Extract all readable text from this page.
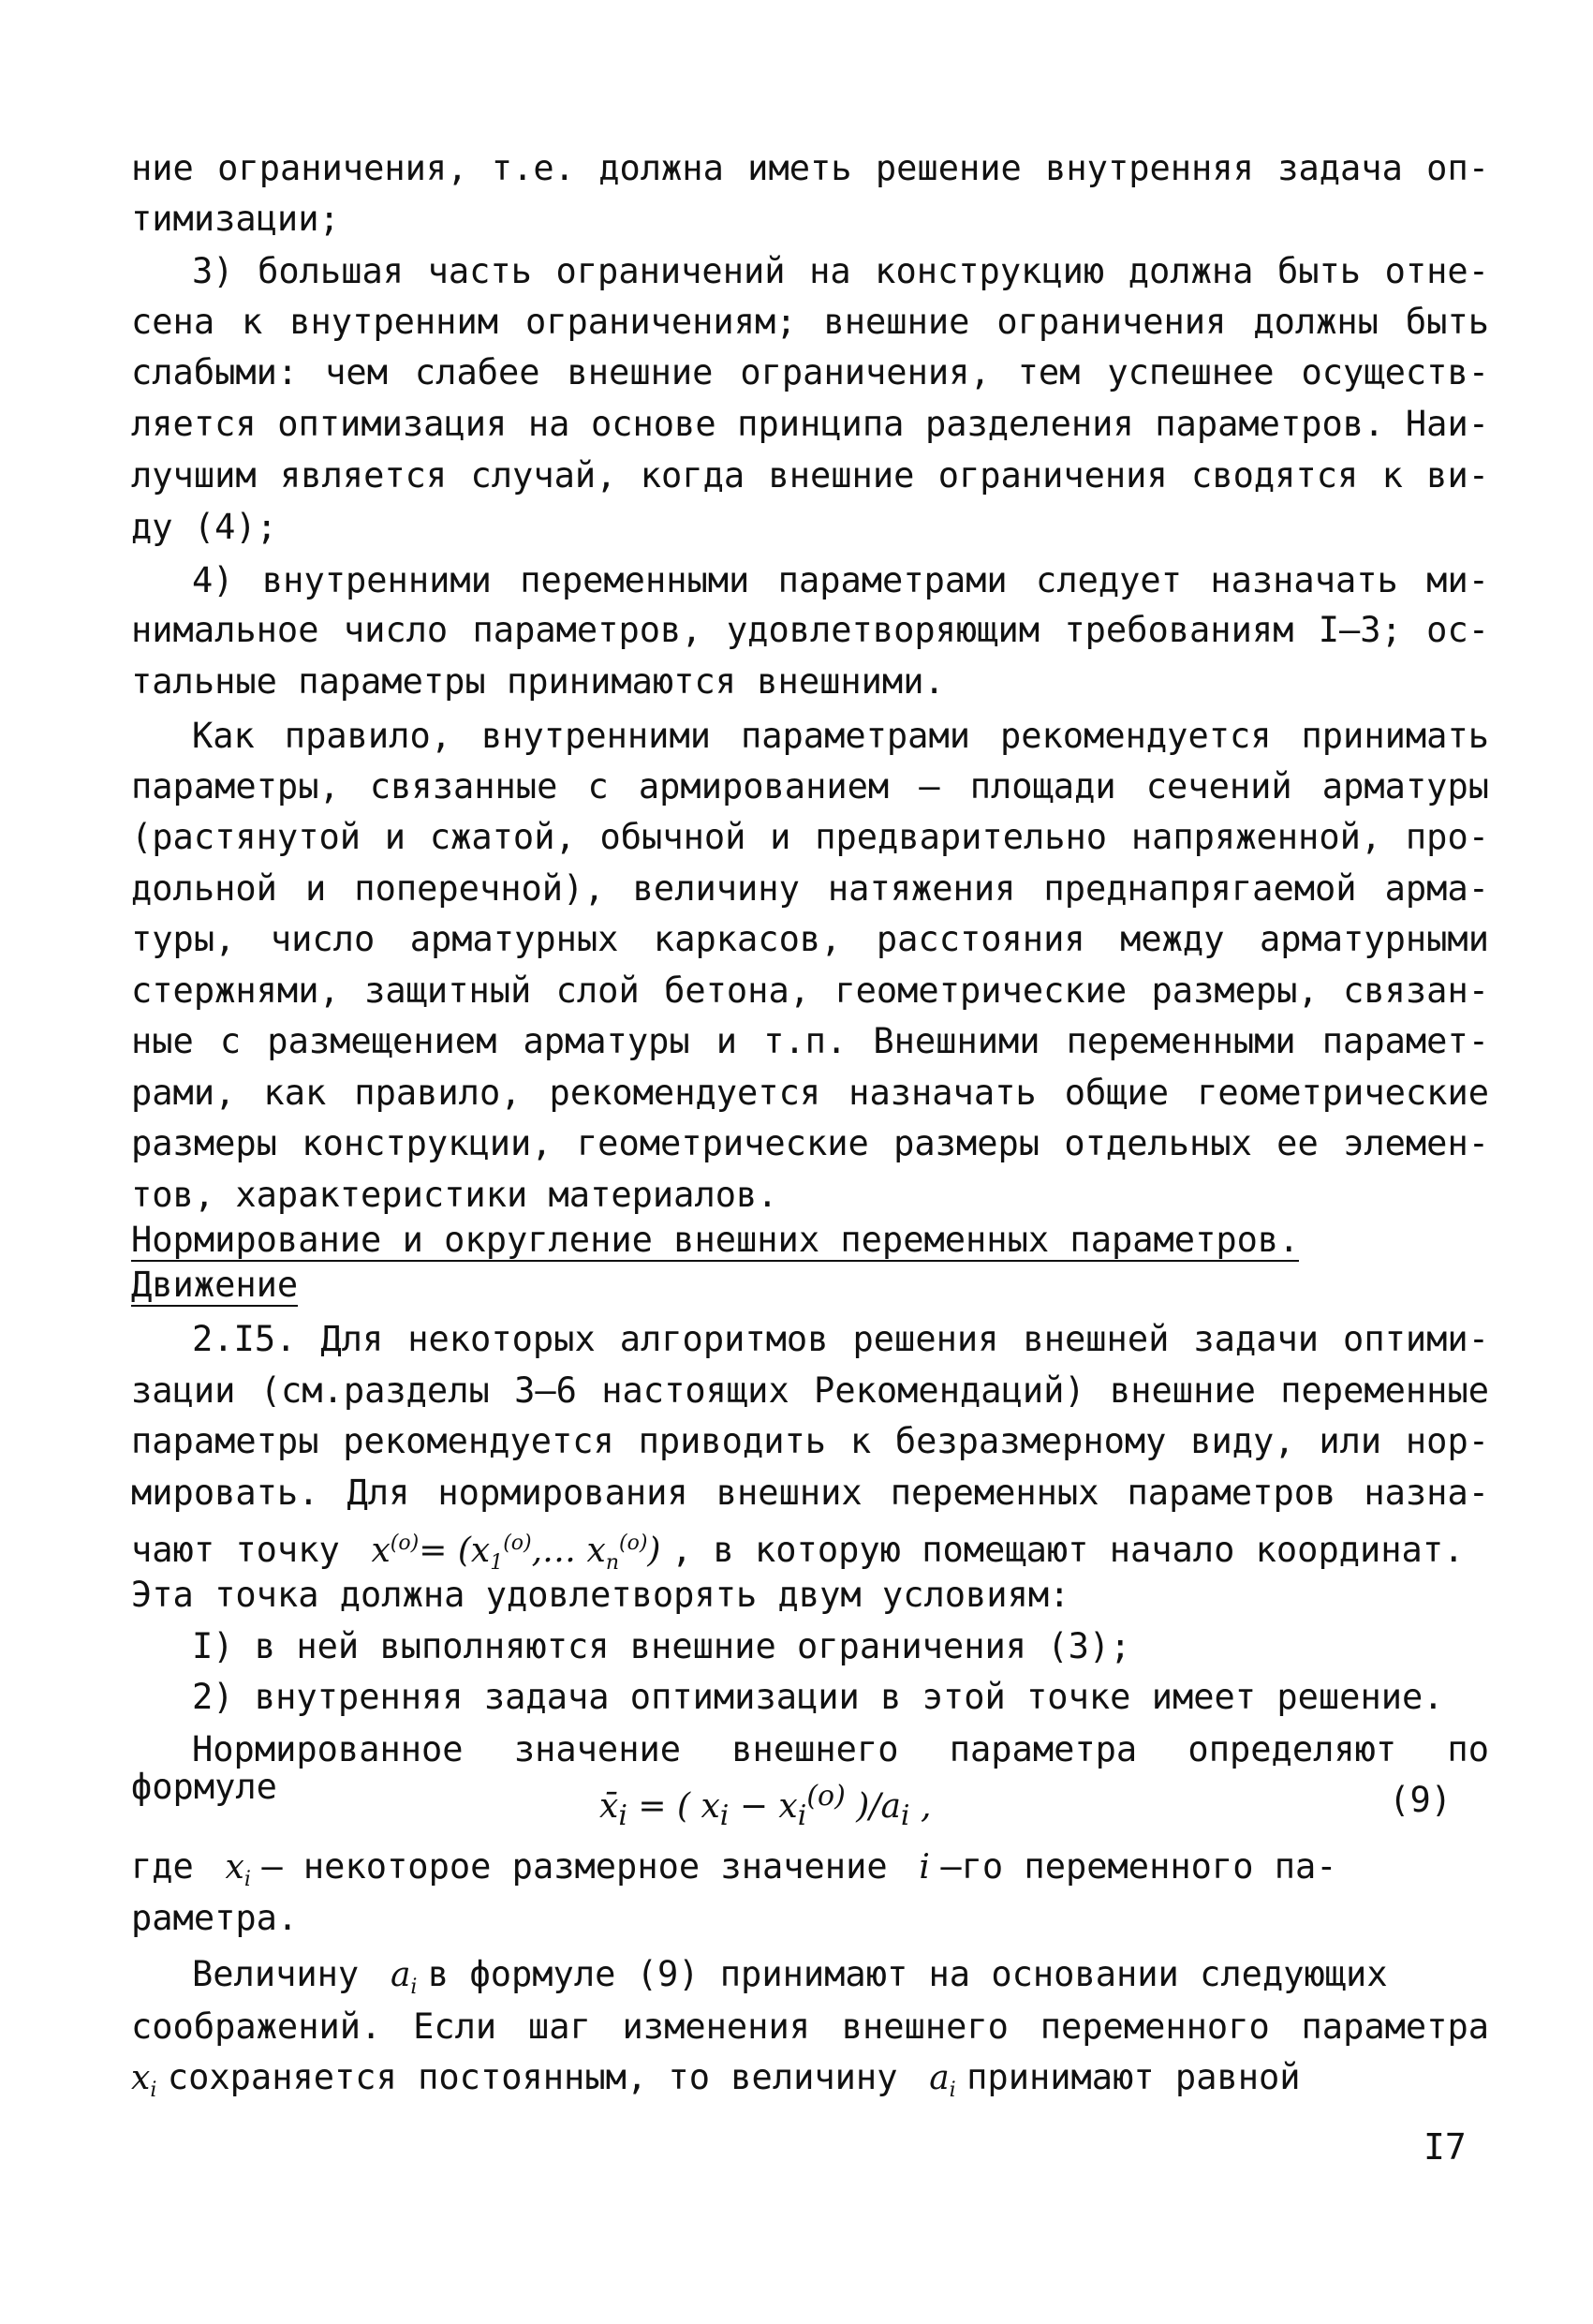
ние ограничения, т.е. должна иметь решение внутренняя задача оп-
тимизации;
3) большая часть ограничений на конструкцию должна быть отне-
сена к внутренним ограничениям; внешние ограничения должны быть
слабыми: чем слабее внешние ограничения, тем успешнее осуществ-
ляется оптимизация на основе принципа разделения параметров. Наи-
лучшим является случай, когда внешние ограничения сводятся к ви-
ду (4);
4) внутренними переменными параметрами следует назначать ми-
нимальное число параметров, удовлетворяющим требованиям I–3; ос-
тальные параметры принимаются внешними.
Как правило, внутренними параметрами рекомендуется принимать
параметры, связанные с армированием – площади сечений арматуры
(растянутой и сжатой, обычной и предварительно напряженной, про-
дольной и поперечной), величину натяжения преднапрягаемой арма-
туры, число арматурных каркасов, расстояния между арматурными
стержнями, защитный слой бетона, геометрические размеры, связан-
ные с размещением арматуры и т.п. Внешними переменными парамет-
рами, как правило, рекомендуется назначать общие геометрические
размеры конструкции, геометрические размеры отдельных ее элемен-
тов, характеристики материалов.
Нормирование и округление внешних переменных параметров. Движение
2.I5. Для некоторых алгоритмов решения внешней задачи оптими-
зации (см.разделы 3–6 настоящих Рекомендаций) внешние переменные
параметры рекомендуется приводить к безразмерному виду, или нор-
мировать. Для нормирования внешних переменных параметров назна-
чают точку  $x^{(o)}=$ ($x_1^{(o)},\dots$ $x_n^{(o)}$) , в которую помещают начало координат.
Эта точка должна удовлетворять двум условиям:
I) в ней выполняются внешние ограничения (3);
2) внутренняя задача оптимизации в этой точке имеет решение.
Нормированное значение внешнего параметра определяют по
формуле	$x̄_i$ = ( $x_i - x_i^{(o)}$ )$/a_i$ ,	(9)
где  $x_i$ – некоторое размерное значение  i –го переменного па-
раметра.
Величину  $a_i$ в формуле (9) принимают на основании следующих
соображений. Если шаг изменения внешнего переменного параметра
$x_i$ сохраняется постоянным, то величину  $a_i$ принимают равной
I7
